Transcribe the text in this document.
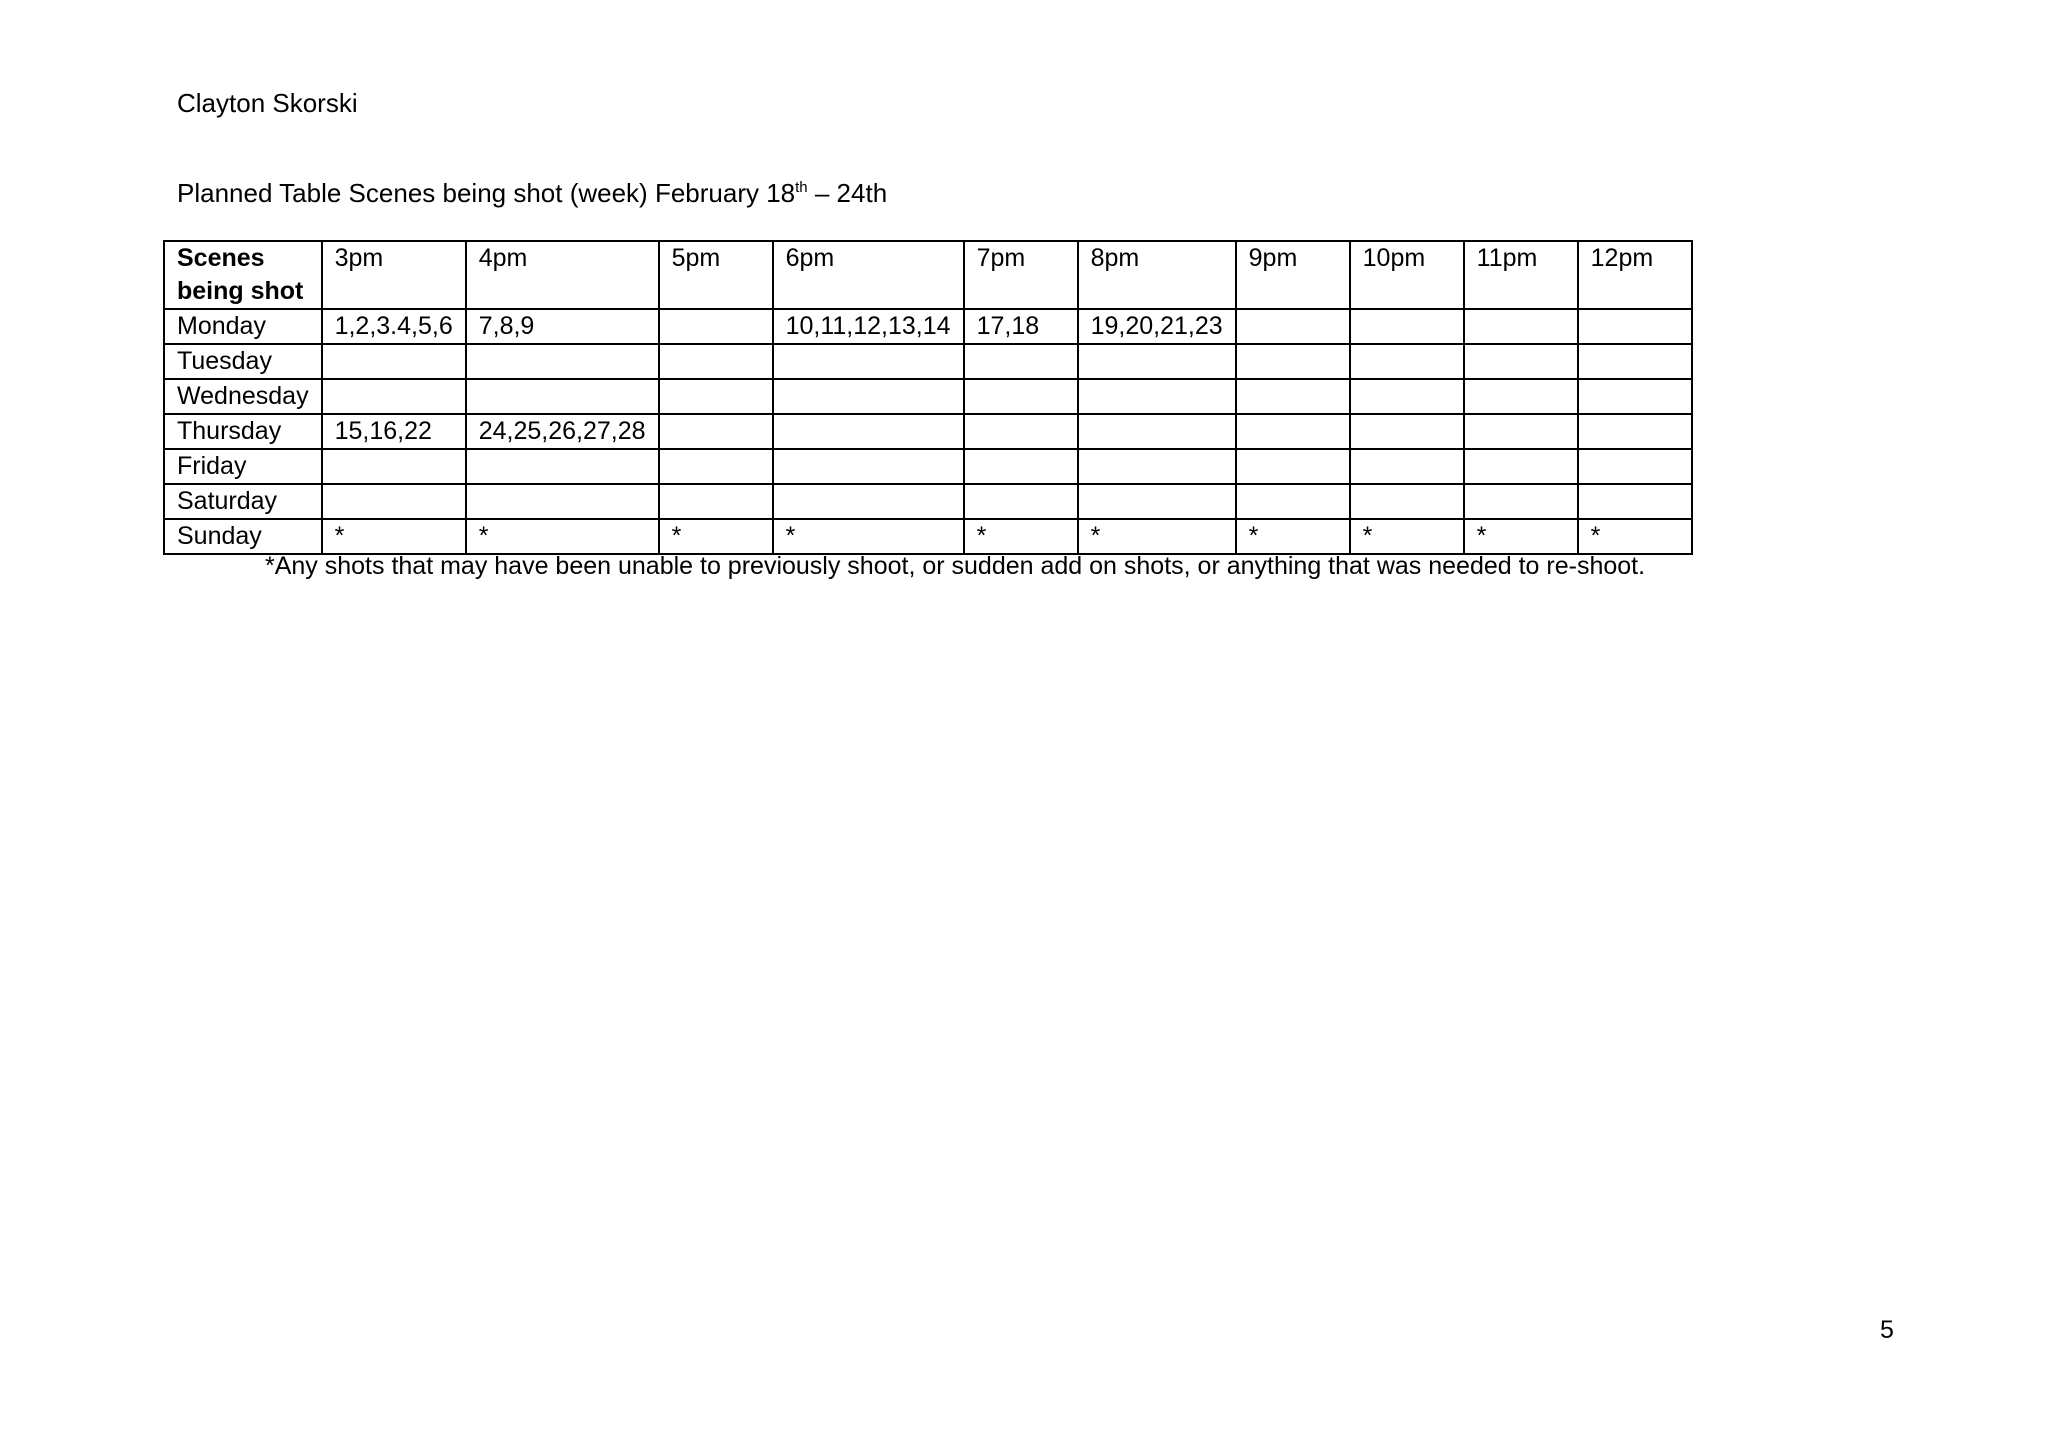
Clayton Skorski
Planned Table Scenes being shot (week) February 18th – 24th
Scenes
being shot	3pm	4pm	5pm	6pm	7pm	8pm	9pm	10pm	11pm	12pm
Monday	1,2,3.4,5,6	7,8,9		10,11,12,13,14	17,18	19,20,21,23				
Tuesday										
Wednesday										
Thursday	15,16,22	24,25,26,27,28								
Friday										
Saturday										
Sunday	*	*	*	*	*	*	*	*	*	*
*Any shots that may have been unable to previously shoot, or sudden add on shots, or anything that was needed to re-shoot.
5
